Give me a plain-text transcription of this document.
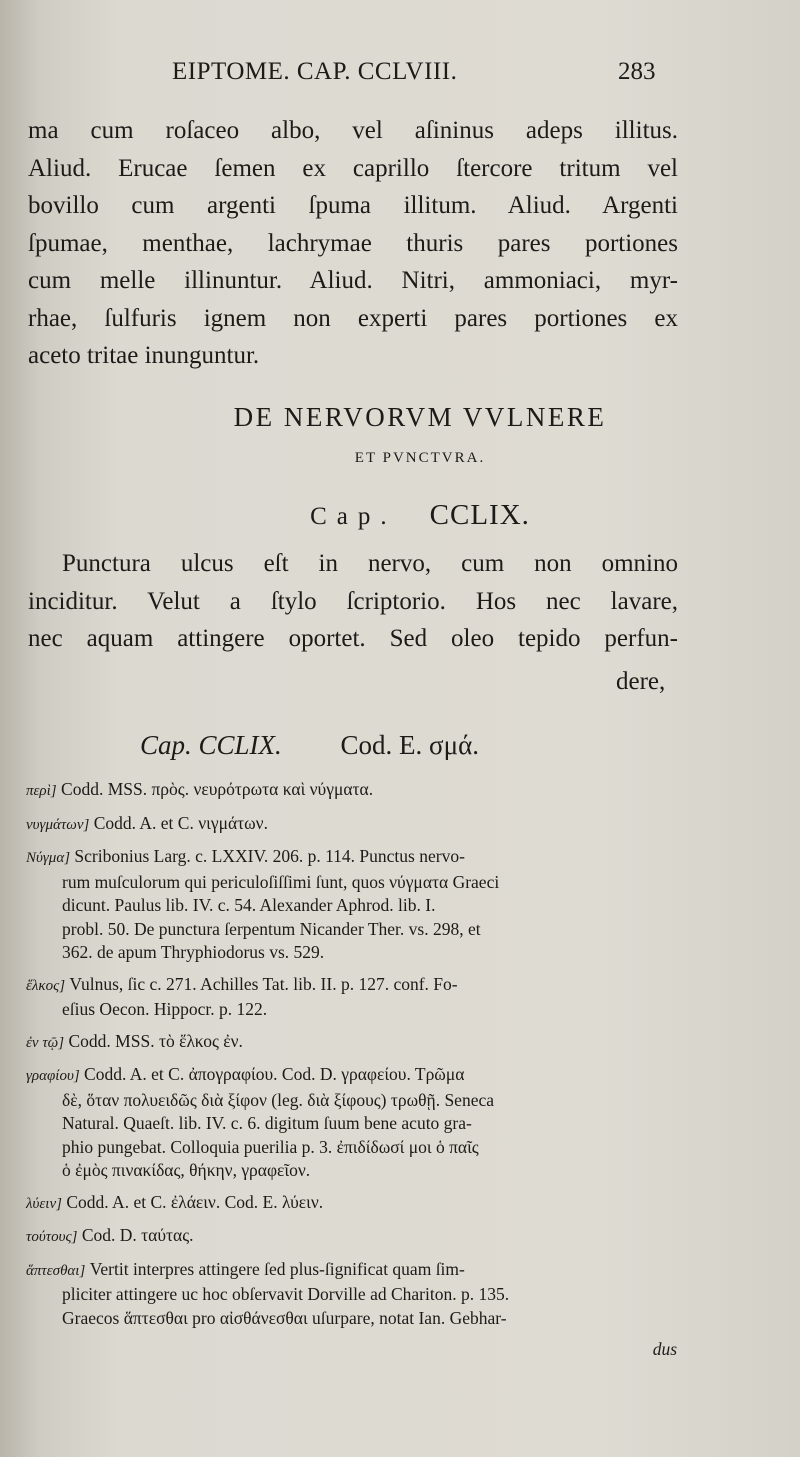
EIPTOME. CAP. CCLVIII.	283
ma cum roſaceo albo, vel aſininus adeps illitus.
Aliud. Erucae ſemen ex caprillo ſtercore tritum vel
bovillo cum argenti ſpuma illitum. Aliud. Argenti
ſpumae, menthae, lachrymae thuris pares portiones
cum melle illinuntur. Aliud. Nitri, ammoniaci, myr-
rhae, ſulfuris ignem non experti pares portiones ex
aceto tritae inunguntur.
DE NERVORVM VVLNERE
ET PVNCTVRA.
Cap. CCLIX.
Punctura ulcus eſt in nervo, cum non omnino
inciditur. Velut a ſtylo ſcriptorio. Hos nec lavare,
nec aquam attingere oportet. Sed oleo tepido perfun-
dere,
Cap. CCLIX. Cod. E. σμά.
περὶ] Codd. MSS. πρὸς. νευρότρωτα καὶ νύγματα.
νυγμάτων] Codd. A. et C. νιγμάτων.
Νύγμα] Scribonius Larg. c. LXXIV. 206. p. 114. Punctus nervo-
rum muſculorum qui periculoſiſſimi ſunt, quos νύγματα Graeci
dicunt. Paulus lib. IV. c. 54. Alexander Aphrod. lib. I.
probl. 50. De punctura ſerpentum Nicander Ther. vs. 298, et
362. de apum Thryphiodorus vs. 529.
ἕλκος] Vulnus, ſic c. 271. Achilles Tat. lib. II. p. 127. conf. Fo-
eſius Oecon. Hippocr. p. 122.
ἐν τῷ] Codd. MSS. τὸ ἕλκος ἐν.
γραφίου] Codd. A. et C. ἀπογραφίου. Cod. D. γραφείου. Τρῶμα
δὲ, ὅταν πολυειδῶς διὰ ξίφον (leg. διὰ ξίφους) τρωθῇ. Seneca
Natural. Quaeſt. lib. IV. c. 6. digitum ſuum bene acuto gra-
phio pungebat. Colloquia puerilia p. 3. ἐπιδίδωσί μοι ὁ παῖς
ὁ ἐμὸς πινακίδας, θήκην, γραφεῖον.
λύειν] Codd. A. et C. ἐλάειν. Cod. E. λύειν.
τούτους] Cod. D. ταύτας.
ἅπτεσθαι] Vertit interpres attingere ſed plus-ſignificat quam ſim-
pliciter attingere uc hoc obſervavit Dorville ad Chariton. p. 135.
Graecos ἅπτεσθαι pro αἰσθάνεσθαι uſurpare, notat Ian. Gebhar-
dus
